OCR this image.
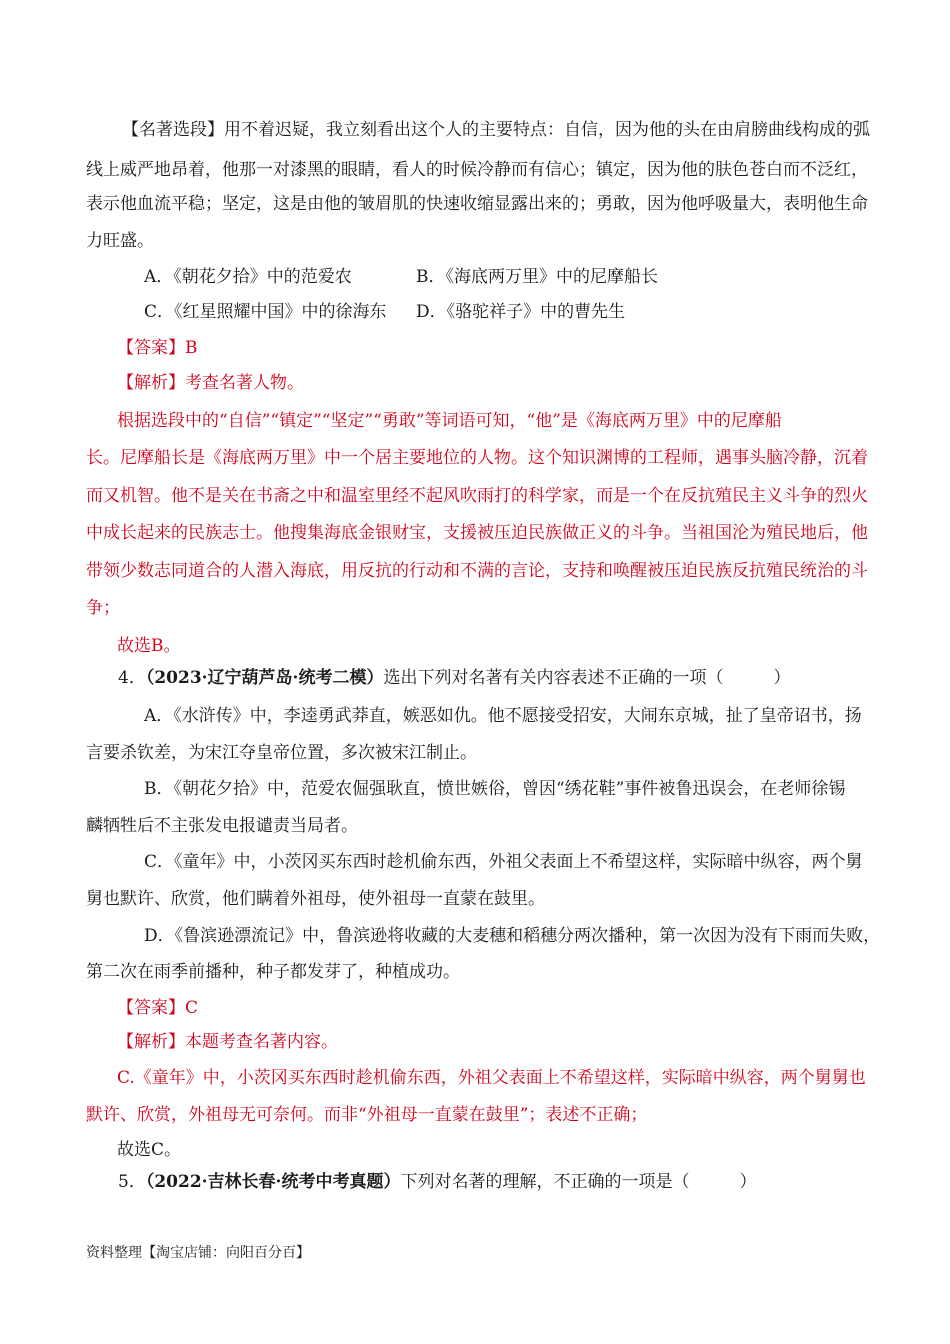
【名著选段】用不着迟疑，我立刻看出这个人的主要特点：自信，因为他的头在由肩膀曲线构成的弧
线上威严地昂着，他那一对漆黑的眼睛，看人的时候冷静而有信心；镇定，因为他的肤色苍白而不泛红，
表示他血流平稳；坚定，这是由他的皱眉肌的快速收缩显露出来的；勇敢，因为他呼吸量大，表明他生命
力旺盛。
A．《朝花夕拾》中的范爱农	B．《海底两万里》中的尼摩船长
C．《红星照耀中国》中的徐海东 D．《骆驼祥子》中的曹先生
【答案】B
【解析】考查名著人物。
根据选段中的“自信”“镇定”“坚定”“勇敢”等词语可知，“他”是《海底两万里》中的尼摩船
长。尼摩船长是《海底两万里》中一个居主要地位的人物。这个知识渊博的工程师，遇事头脑冷静，沉着
而又机智。他不是关在书斋之中和温室里经不起风吹雨打的科学家，而是一个在反抗殖民主义斗争的烈火
中成长起来的民族志士。他搜集海底金银财宝，支援被压迫民族做正义的斗争。当祖国沦为殖民地后，他
带领少数志同道合的人潜入海底，用反抗的行动和不满的言论，支持和唤醒被压迫民族反抗殖民统治的斗
争；
故选B。
4．（2023·辽宁葫芦岛·统考二模）选出下列对名著有关内容表述不正确的一项（	）
A．《水浒传》中，李逵勇武莽直，嫉恶如仇。他不愿接受招安，大闹东京城，扯了皇帝诏书，扬
言要杀钦差，为宋江夺皇帝位置，多次被宋江制止。
B．《朝花夕拾》中，范爱农倔强耿直，愤世嫉俗，曾因“绣花鞋”事件被鲁迅误会，在老师徐锡
麟牺牲后不主张发电报谴责当局者。
C．《童年》中，小茨冈买东西时趁机偷东西，外祖父表面上不希望这样，实际暗中纵容，两个舅
舅也默许、欣赏，他们瞒着外祖母，使外祖母一直蒙在鼓里。
D．《鲁滨逊漂流记》中，鲁滨逊将收藏的大麦穗和稻穗分两次播种，第一次因为没有下雨而失败，
第二次在雨季前播种，种子都发芽了，种植成功。
【答案】C
【解析】本题考查名著内容。
C.《童年》中，小茨冈买东西时趁机偷东西，外祖父表面上不希望这样，实际暗中纵容，两个舅舅也
默许、欣赏，外祖母无可奈何。而非“外祖母一直蒙在鼓里”；表述不正确；
故选C。
5．（2022·吉林长春·统考中考真题）下列对名著的理解，不正确的一项是（	）
资料整理【淘宝店铺：向阳百分百】
